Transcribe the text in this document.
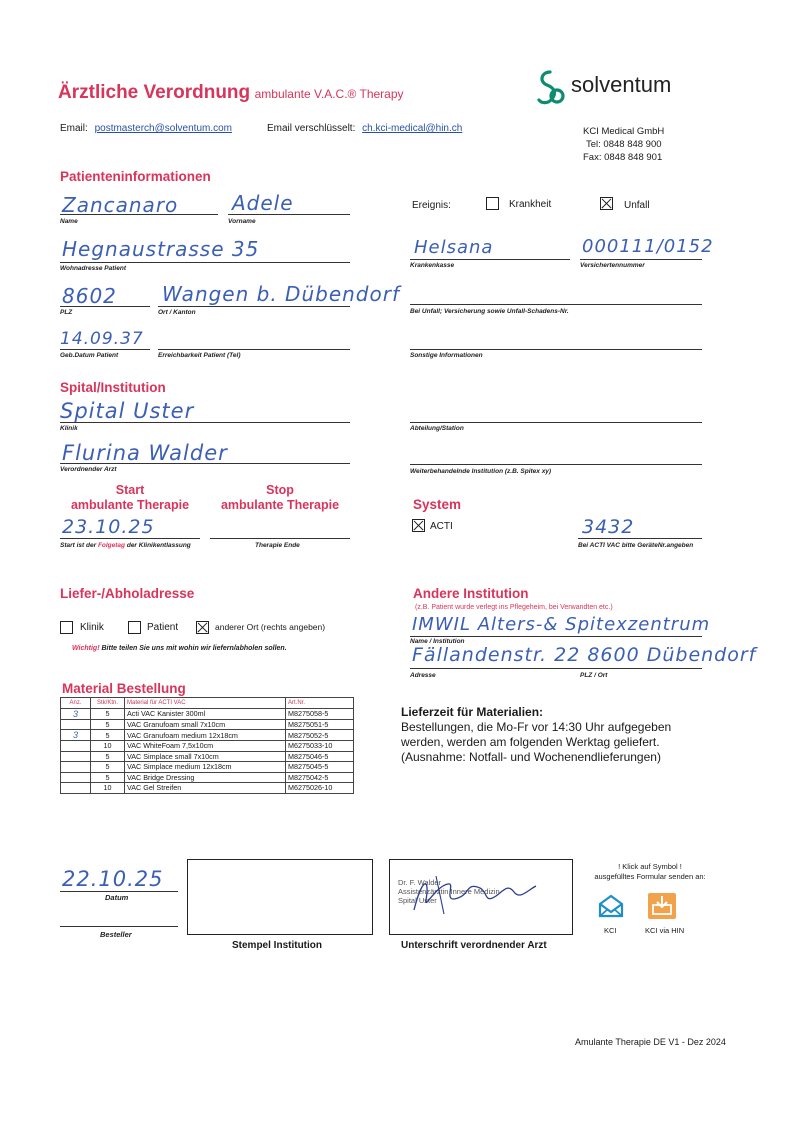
Ärztliche Verordnung ambulante V.A.C.® Therapy	solventum
Email: postmasterch@solventum.com	Email verschlüsselt: ch.kci-medical@hin.ch	KCI Medical GmbH
Tel: 0848 848 900
Fax: 0848 848 901
Patienteninformationen
Zancanaro
Name
Adele
Vorname
Hegnaustrasse 35
Wohnadresse Patient
8602
PLZ
Wangen b. Dübendorf
Ort / Kanton
14.09.37
Geb.Datum Patient	Erreichbarkeit Patient (Tel)
Ereignis:	Krankheit	Unfall
Helsana
Krankenkasse
000111/0152
Versichertennummer
Bei Unfall; Versicherung sowie Unfall-Schadens-Nr.
Sonstige Informationen
Spital/Institution
Spital Uster
Klinik
Flurina Walder
Verordnender Arzt
Abteilung/Station
Weiterbehandelnde Institution (z.B. Spitex xy)
Start
ambulante Therapie
Stop
ambulante Therapie
23.10.25
Start ist der Folgetag der Klinikentlassung	Therapie Ende
System
ACTI	3432
Bei ACTI VAC bitte GeräteNr.angeben
Liefer-/Abholadresse
Klinik	Patient	anderer Ort (rechts angeben)
Wichtig! Bitte teilen Sie uns mit wohin wir liefern/abholen sollen.
Andere Institution
(z.B. Patient wurde verlegt ins Pflegeheim, bei Verwandten etc.)
IMWIL Alters-& Spitexzentrum
Name / Institution
Fällandenstr. 22 8600 Dübendorf
Adresse	PLZ / Ort
Material Bestellung
Anz.	Stk/Ktn.	Material für ACTI VAC	Art.Nr.
3	5	Acti VAC Kanister 300ml	M8275058-5
	5	VAC Granufoam small 7x10cm	M8275051-5
3	5	VAC Granufoam medium 12x18cm	M8275052-5
	10	VAC WhiteFoam 7,5x10cm	M6275033-10
	5	VAC Simplace small 7x10cm	M8275046-5
	5	VAC Simplace medium 12x18cm	M8275045-5
	5	VAC Bridge Dressing	M8275042-5
	10	VAC Gel Streifen	M6275026-10
Lieferzeit für Materialien:
Bestellungen, die Mo-Fr vor 14:30 Uhr aufgegeben
werden, werden am folgenden Werktag geliefert.
(Ausnahme: Notfall- und Wochenendlieferungen)
22.10.25
Datum
Besteller
Stempel Institution
Dr. F. Walder
Assistenzärztin Innere Medizin
Spital Uster
Unterschrift verordnender Arzt
! Klick auf Symbol !
ausgefülltes Formular senden an:
KCI	KCI via HIN
Amulante Therapie DE V1 - Dez 2024
